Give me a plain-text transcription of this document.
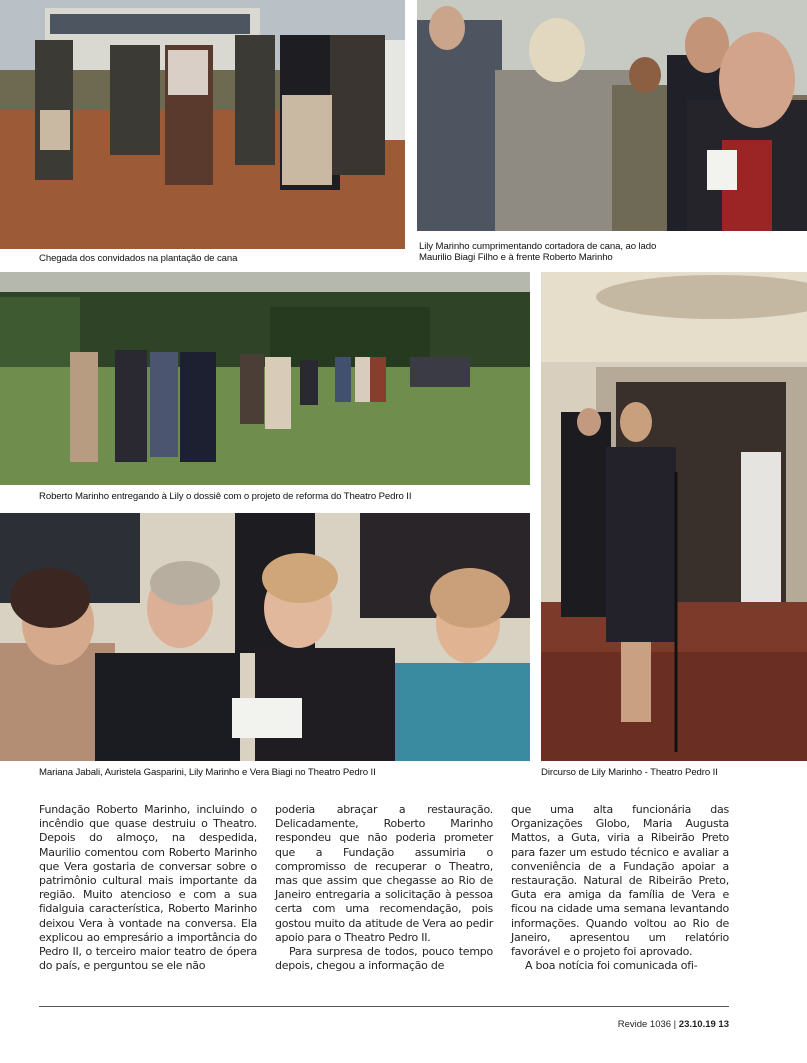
Chegada dos convidados na plantação de cana
Lily Marinho cumprimentando cortadora de cana, ao lado
Maurilio Biagi Filho e à frente Roberto Marinho
Roberto Marinho entregando à Lily o dossiê com o projeto de reforma do Theatro Pedro II
Dircurso de Lily Marinho - Theatro Pedro II
Mariana Jabali, Auristela Gasparini, Lily Marinho e Vera Biagi no Theatro Pedro II

Fundação Roberto Marinho, incluindo o incêndio que quase destruiu o Theatro. Depois do almoço, na despedida, Maurilio comentou com Roberto Marinho que Vera gostaria de conversar sobre o patrimônio cultural mais importante da região. Muito atencioso e com a sua fidalguia característica, Roberto Marinho deixou Vera à vontade na conversa. Ela explicou ao empresário a importância do Pedro II, o terceiro maior teatro de ópera do país, e perguntou se ele não

poderia abraçar a restauração. Delicadamente, Roberto Marinho respondeu que não poderia prometer que a Fundação assumiria o compromisso de recuperar o Theatro, mas que assim que chegasse ao Rio de Janeiro entregaria a solicitação à pessoa certa com uma recomendação, pois gostou muito da atitude de Vera ao pedir apoio para o Theatro Pedro II.

Para surpresa de todos, pouco tempo depois, chegou a informação de

que uma alta funcionária das Organizações Globo, Maria Augusta Mattos, a Guta, viria a Ribeirão Preto para fazer um estudo técnico e avaliar a conveniência de a Fundação apoiar a restauração. Natural de Ribeirão Preto, Guta era amiga da família de Vera e ficou na cidade uma semana levantando informações. Quando voltou ao Rio de Janeiro, apresentou um relatório favorável e o projeto foi aprovado.

A boa notícia foi comunicada ofi-

Revide 1036 | 23.10.19 13
